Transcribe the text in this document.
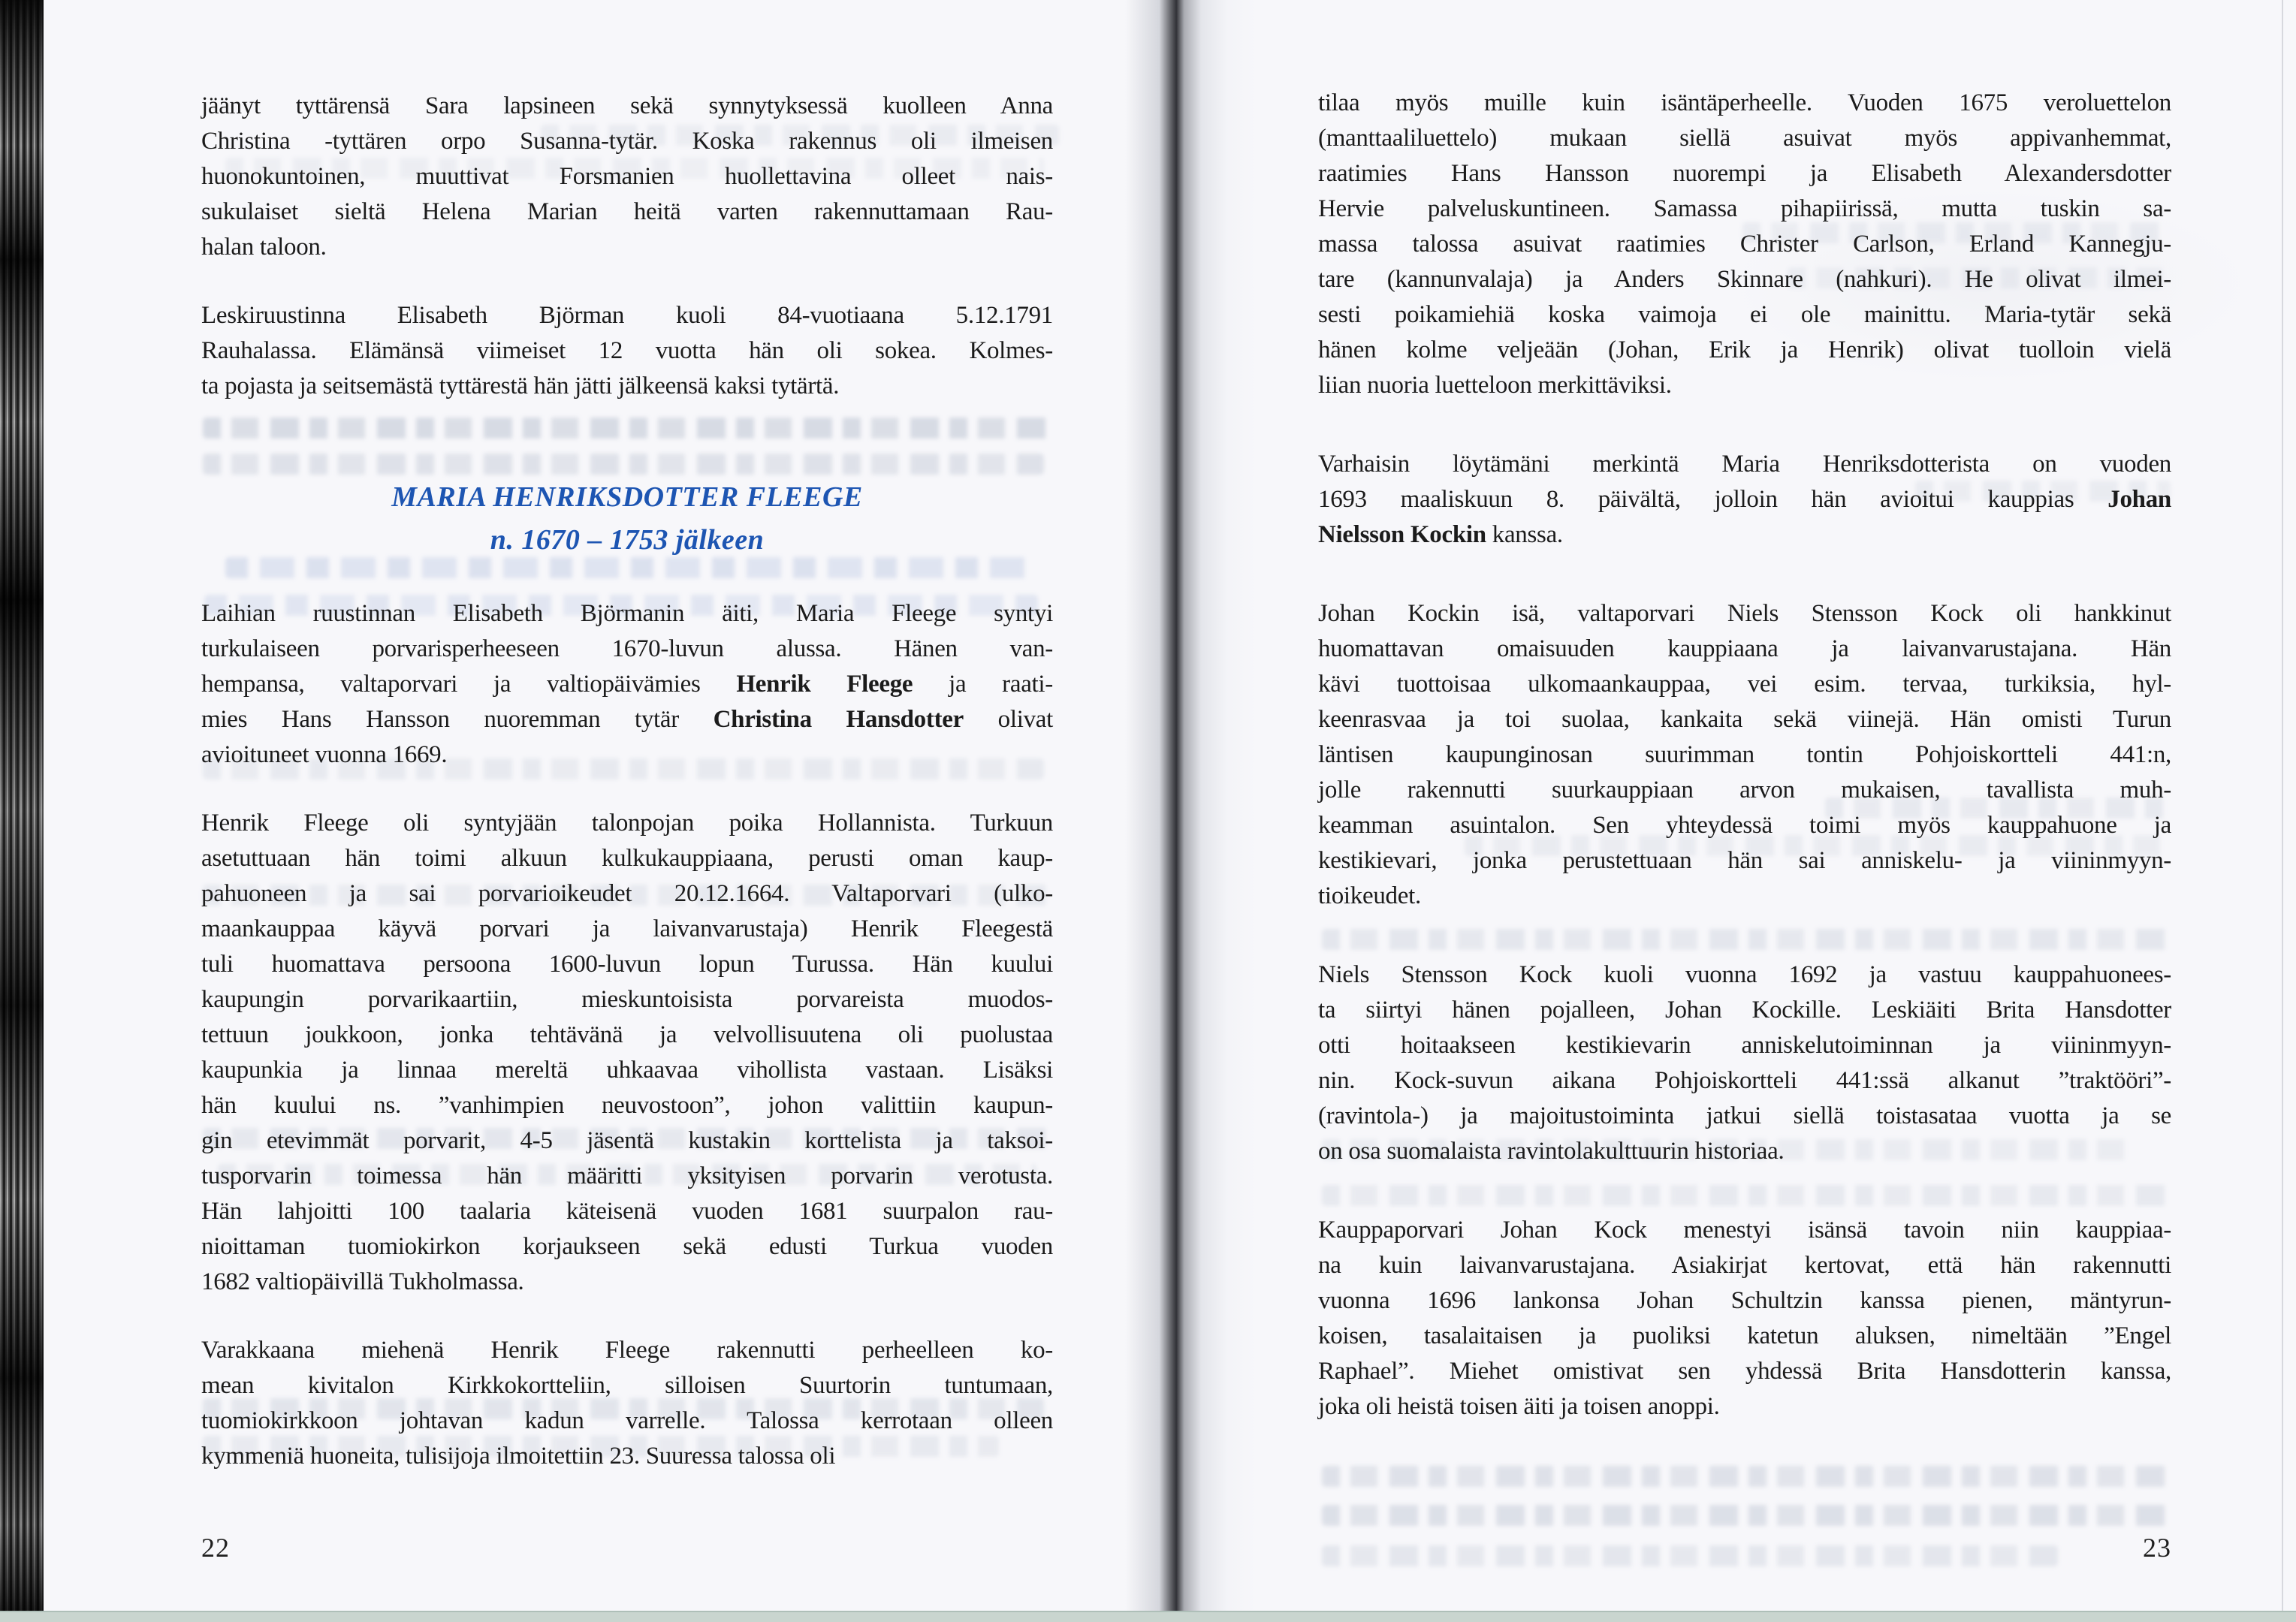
jäänyt tyttärensä Sara lapsineen sekä synnytyksessä kuolleen Anna
Christina -tyttären orpo Susanna-tytär. Koska rakennus oli ilmeisen
huonokuntoinen, muuttivat Forsmanien huollettavina olleet nais-
sukulaiset sieltä Helena Marian heitä varten rakennuttamaan Rau-
halan taloon.
Leskiruustinna Elisabeth Björman kuoli 84-vuotiaana 5.12.1791
Rauhalassa. Elämänsä viimeiset 12 vuotta hän oli sokea. Kolmes-
ta pojasta ja seitsemästä tyttärestä hän jätti jälkeensä kaksi tytärtä.
MARIA HENRIKSDOTTER FLEEGE
n. 1670 – 1753 jälkeen
Laihian ruustinnan Elisabeth Björmanin äiti, Maria Fleege syntyi
turkulaiseen porvarisperheeseen 1670-luvun alussa. Hänen van-
hempansa, valtaporvari ja valtiopäivämies Henrik Fleege ja raati-
mies Hans Hansson nuoremman tytär Christina Hansdotter olivat
avioituneet vuonna 1669.
Henrik Fleege oli syntyjään talonpojan poika Hollannista. Turkuun
asetuttuaan hän toimi alkuun kulkukauppiaana, perusti oman kaup-
pahuoneen ja sai porvarioikeudet 20.12.1664. Valtaporvari (ulko-
maankauppaa käyvä porvari ja laivanvarustaja) Henrik Fleegestä
tuli huomattava persoona 1600-luvun lopun Turussa. Hän kuului
kaupungin porvarikaartiin, mieskuntoisista porvareista muodos-
tettuun joukkoon, jonka tehtävänä ja velvollisuutena oli puolustaa
kaupunkia ja linnaa mereltä uhkaavaa vihollista vastaan. Lisäksi
hän kuului ns. ”vanhimpien neuvostoon”, johon valittiin kaupun-
gin etevimmät porvarit, 4-5 jäsentä kustakin korttelista ja taksoi-
tusporvarin toimessa hän määritti yksityisen porvarin verotusta.
Hän lahjoitti 100 taalaria käteisenä vuoden 1681 suurpalon rau-
nioittaman tuomiokirkon korjaukseen sekä edusti Turkua vuoden
1682 valtiopäivillä Tukholmassa.
Varakkaana miehenä Henrik Fleege rakennutti perheelleen ko-
mean kivitalon Kirkkokortteliin, silloisen Suurtorin tuntumaan,
tuomiokirkkoon johtavan kadun varrelle. Talossa kerrotaan olleen
kymmeniä huoneita, tulisijoja ilmoitettiin 23. Suuressa talossa oli
22
tilaa myös muille kuin isäntäperheelle. Vuoden 1675 veroluettelon
(manttaaliluettelo) mukaan siellä asuivat myös appivanhemmat,
raatimies Hans Hansson nuorempi ja Elisabeth Alexandersdotter
Hervie palveluskuntineen. Samassa pihapiirissä, mutta tuskin sa-
massa talossa asuivat raatimies Christer Carlson, Erland Kannegju-
tare (kannunvalaja) ja Anders Skinnare (nahkuri). He olivat ilmei-
sesti poikamiehiä koska vaimoja ei ole mainittu. Maria-tytär sekä
hänen kolme veljeään (Johan, Erik ja Henrik) olivat tuolloin vielä
liian nuoria luetteloon merkittäviksi.
Varhaisin löytämäni merkintä Maria Henriksdotterista on vuoden
1693 maaliskuun 8. päivältä, jolloin hän avioitui kauppias Johan
Nielsson Kockin kanssa.
Johan Kockin isä, valtaporvari Niels Stensson Kock oli hankkinut
huomattavan omaisuuden kauppiaana ja laivanvarustajana. Hän
kävi tuottoisaa ulkomaankauppaa, vei esim. tervaa, turkiksia, hyl-
keenrasvaa ja toi suolaa, kankaita sekä viinejä. Hän omisti Turun
läntisen kaupunginosan suurimman tontin Pohjoiskortteli 441:n,
jolle rakennutti suurkauppiaan arvon mukaisen, tavallista muh-
keamman asuintalon. Sen yhteydessä toimi myös kauppahuone ja
kestikievari, jonka perustettuaan hän sai anniskelu- ja viininmyyn-
tioikeudet.
Niels Stensson Kock kuoli vuonna 1692 ja vastuu kauppahuonees-
ta siirtyi hänen pojalleen, Johan Kockille. Leskiäiti Brita Hansdotter
otti hoitaakseen kestikievarin anniskelutoiminnan ja viininmyyn-
nin. Kock-suvun aikana Pohjoiskortteli 441:ssä alkanut ”traktööri”-
(ravintola-) ja majoitustoiminta jatkui siellä toistasataa vuotta ja se
on osa suomalaista ravintolakulttuurin historiaa.
Kauppaporvari Johan Kock menestyi isänsä tavoin niin kauppiaa-
na kuin laivanvarustajana. Asiakirjat kertovat, että hän rakennutti
vuonna 1696 lankonsa Johan Schultzin kanssa pienen, mäntyrun-
koisen, tasalaitaisen ja puoliksi katetun aluksen, nimeltään ”Engel
Raphael”. Miehet omistivat sen yhdessä Brita Hansdotterin kanssa,
joka oli heistä toisen äiti ja toisen anoppi.
23
